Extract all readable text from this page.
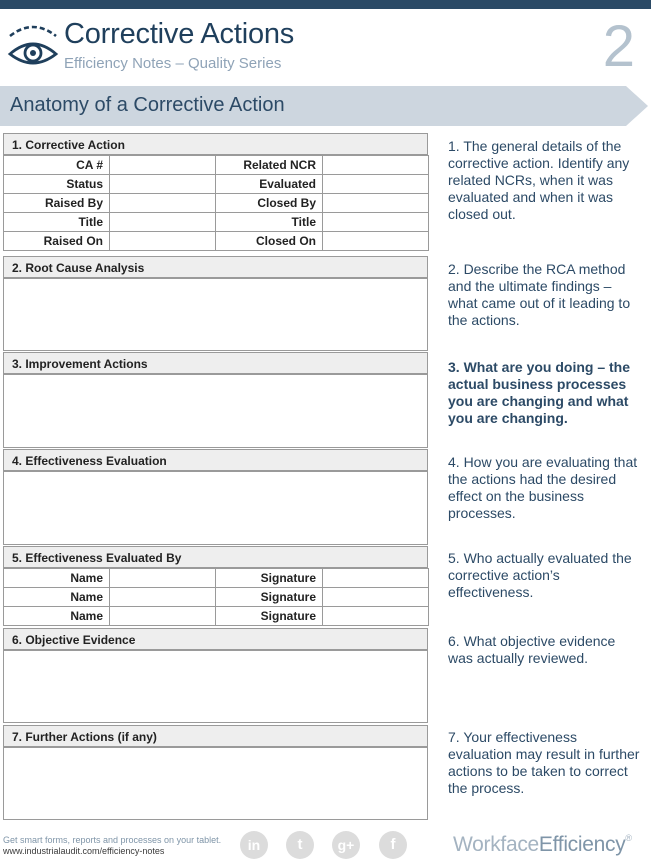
Corrective Actions
Efficiency Notes – Quality Series	2
Anatomy of a Corrective Action
1. Corrective Action
CA #		Related NCR	
Status		Evaluated	
Raised By		Closed By	
Title		Title	
Raised On		Closed On	
2. Root Cause Analysis
3. Improvement Actions
4. Effectiveness Evaluation
5. Effectiveness Evaluated By
Name		Signature	
Name		Signature	
Name		Signature	
6. Objective Evidence
7. Further Actions (if any)
1. The general details of the corrective action. Identify any related NCRs, when it was evaluated and when it was closed out.
2. Describe the RCA method and the ultimate findings – what came out of it leading to the actions.
3. What are you doing – the actual business processes you are changing and what you are changing.
4. How you are evaluating that the actions had the desired effect on the business processes.
5. Who actually evaluated the corrective action’s effectiveness.
6. What objective evidence was actually reviewed.
7. Your effectiveness evaluation may result in further actions to be taken to correct the process.
Get smart forms, reports and processes on your tablet.
www.industrialaudit.com/efficiency-notes	in	t	g+	f	WorkfaceEfficiency®
